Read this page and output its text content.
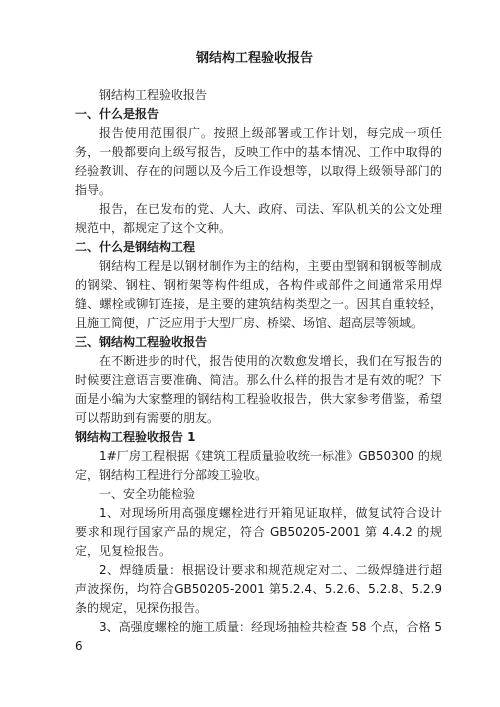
钢结构工程验收报告

钢结构工程验收报告

一、什么是报告

报告使用范围很广。按照上级部署或工作计划，每完成一项任务，一般都要向上级写报告，反映工作中的基本情况、工作中取得的经验教训、存在的问题以及今后工作设想等，以取得上级领导部门的指导。

报告，在已发布的党、人大、政府、司法、军队机关的公文处理规范中，都规定了这个文种。

二、什么是钢结构工程

钢结构工程是以钢材制作为主的结构，主要由型钢和钢板等制成的钢梁、钢柱、钢桁架等构件组成，各构件或部件之间通常采用焊缝、螺栓或铆钉连接，是主要的建筑结构类型之一。因其自重较轻，且施工简便，广泛应用于大型厂房、桥梁、场馆、超高层等领域。

三、钢结构工程验收报告

在不断进步的时代，报告使用的次数愈发增长，我们在写报告的时候要注意语言要准确、简洁。那么什么样的报告才是有效的呢？下面是小编为大家整理的钢结构工程验收报告，供大家参考借鉴，希望可以帮助到有需要的朋友。

钢结构工程验收报告 1

1#厂房工程根据《建筑工程质量验收统一标准》GB50300 的规定，钢结构工程进行分部竣工验收。

一、安全功能检验

1、对现场所用高强度螺栓进行开箱见证取样，做复试符合设计要求和现行国家产品的规定，符合 GB50205-2001 第 4.4.2 的规定，见复检报告。

2、焊缝质量：根据设计要求和规范规定对二、二级焊缝进行超声波探伤，均符合GB50205-2001 第5.2.4、5.2.6、5.2.8、5.2.9 条的规定，见探伤报告。

3、高强度螺栓的施工质量：经现场抽检共检查 58 个点，合格 56
